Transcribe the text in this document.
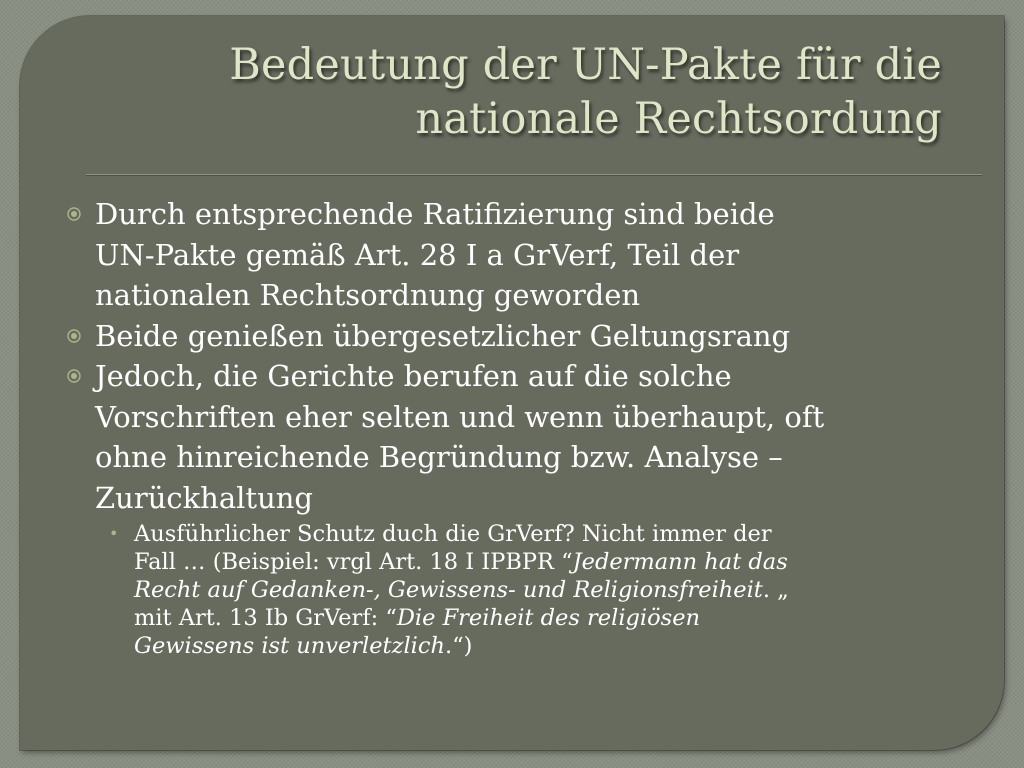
Bedeutung der UN-Pakte für die
nationale Rechtsordung

Durch entsprechende Ratifizierung sind beide
UN-Pakte gemäß Art. 28 I a GrVerf, Teil der
nationalen Rechtsordnung geworden

Beide genießen übergesetzlicher Geltungsrang

Jedoch, die Gerichte berufen auf die solche
Vorschriften eher selten und wenn überhaupt, oft
ohne hinreichende Begründung bzw. Analyse –
Zurückhaltung

• Ausführlicher Schutz duch die GrVerf? Nicht immer der
Fall … (Beispiel: vrgl Art. 18 I IPBPR “Jedermann hat das
Recht auf Gedanken-, Gewissens- und Religionsfreiheit. „
mit Art. 13 Ib GrVerf: “Die Freiheit des religiösen
Gewissens ist unverletzlich.“)
